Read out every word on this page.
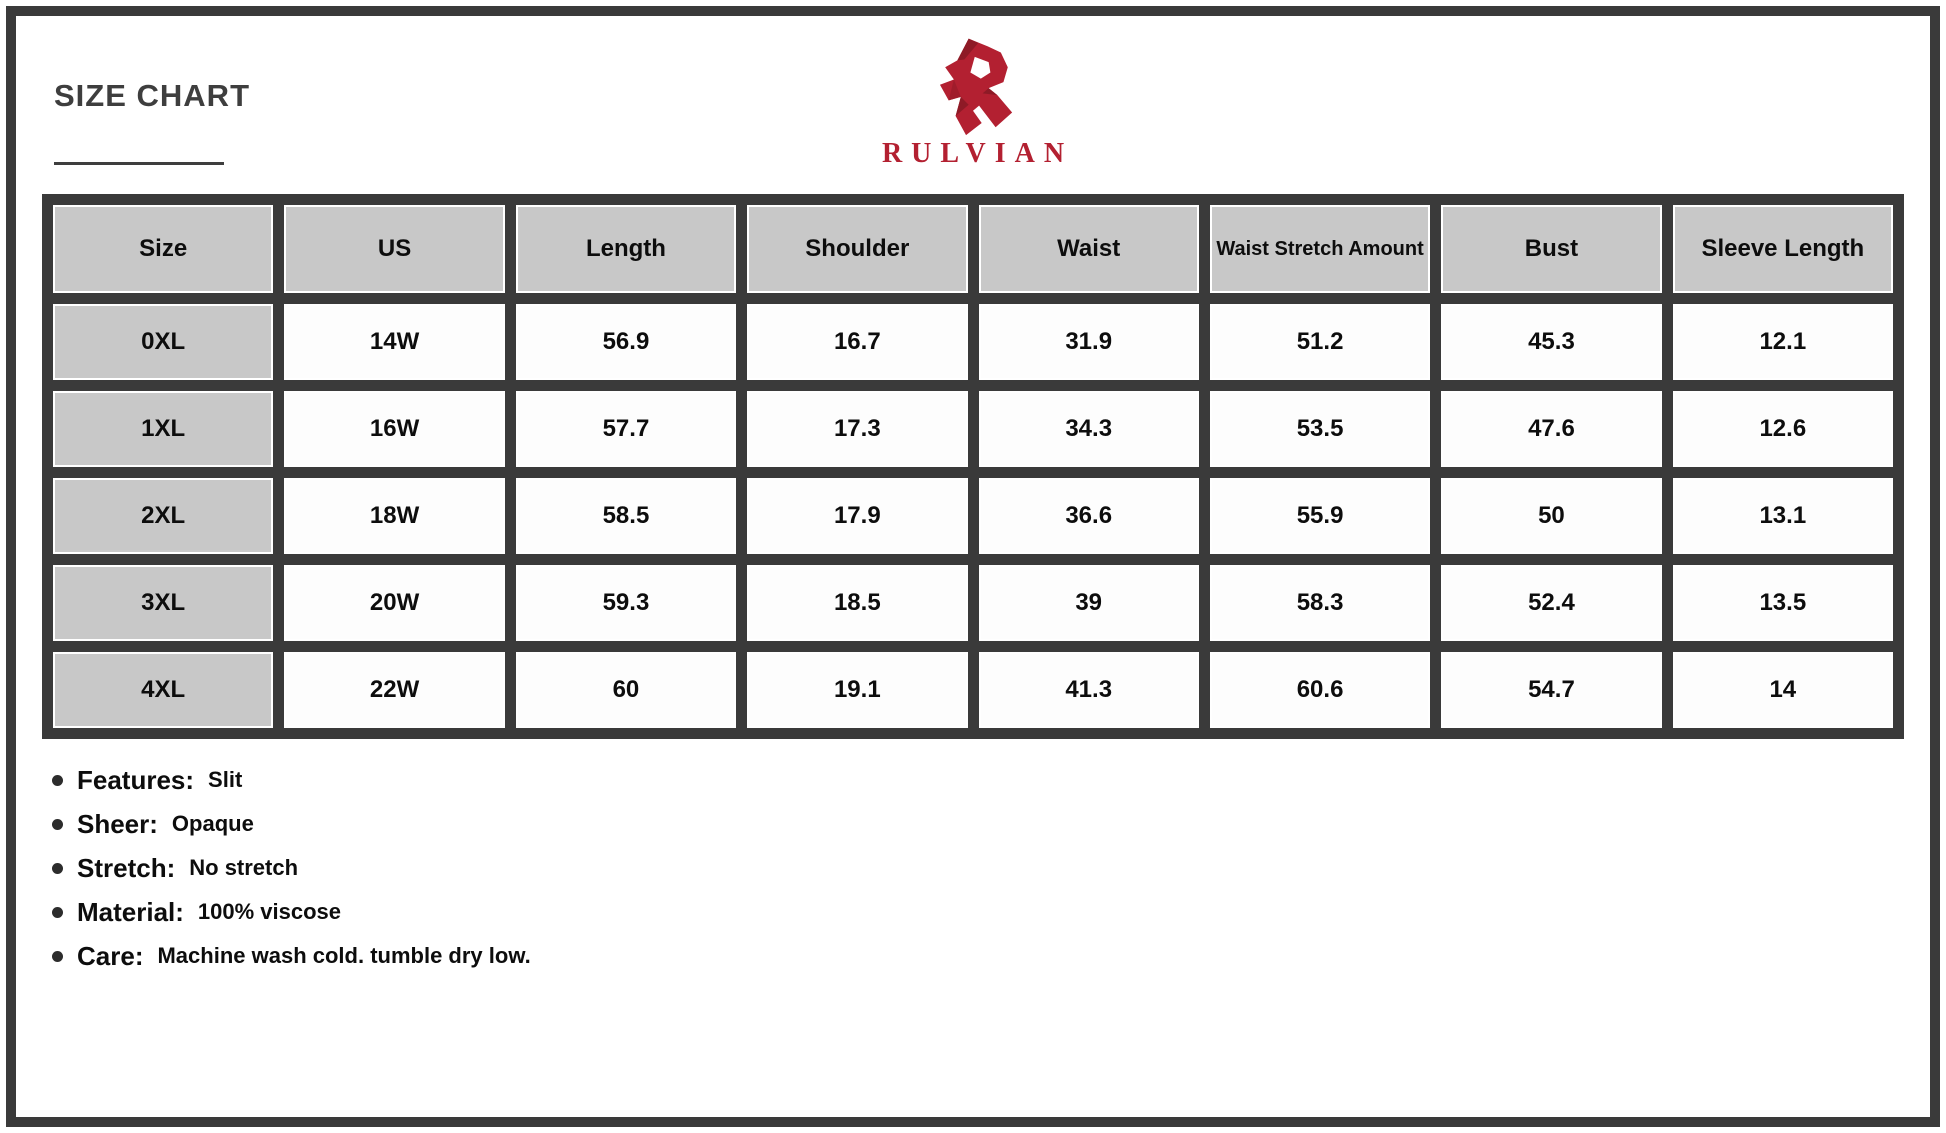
SIZE CHART
RULVIAN
Size	US	Length	Shoulder	Waist	Waist Stretch Amount	Bust	Sleeve Length
0XL	14W	56.9	16.7	31.9	51.2	45.3	12.1
1XL	16W	57.7	17.3	34.3	53.5	47.6	12.6
2XL	18W	58.5	17.9	36.6	55.9	50	13.1
3XL	20W	59.3	18.5	39	58.3	52.4	13.5
4XL	22W	60	19.1	41.3	60.6	54.7	14
Features: Slit
Sheer: Opaque
Stretch: No stretch
Material: 100% viscose
Care: Machine wash cold. tumble dry low.
